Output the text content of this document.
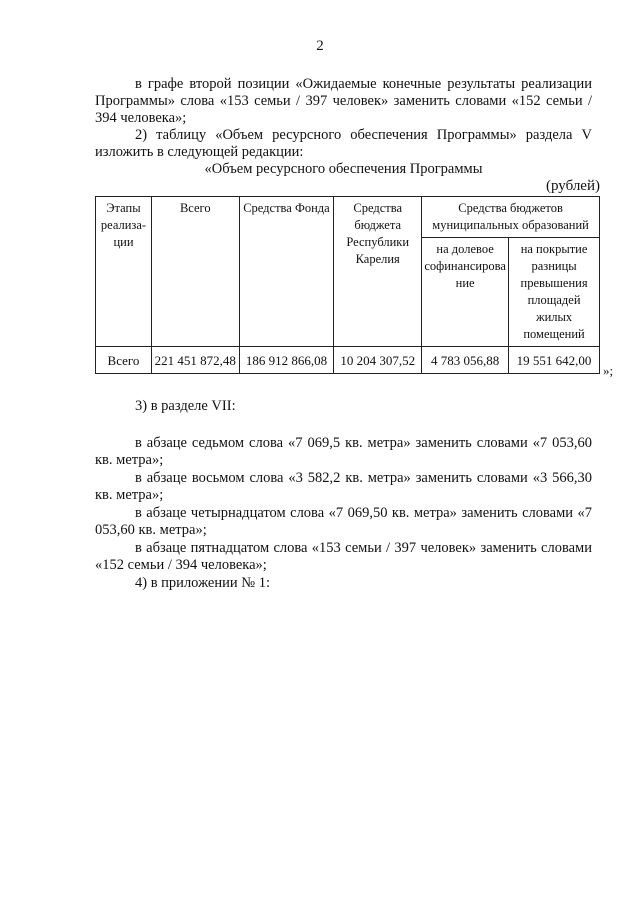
2

в графе второй позиции «Ожидаемые конечные результаты реализации Программы» слова «153 семьи / 397 человек» заменить словами «152 семьи / 394 человека»;

2) таблицу «Объем ресурсного обеспечения Программы» раздела V изложить в следующей редакции:

«Объем ресурсного обеспечения Программы

(рублей)
Этапы реализа-ции	Всего	Средства Фонда	Средства бюджета Республики Карелия	Средства бюджетов муниципальных образований	
				на долевое софинансирова ние	на покрытие разницы превышения площадей жилых помещений
Всего	221 451 872,48	186 912 866,08	10 204 307,52	4 783 056,88	19 551 642,00
»;

3) в разделе VII:

в абзаце седьмом слова «7 069,5 кв. метра» заменить словами «7 053,60 кв. метра»;

в абзаце восьмом слова «3 582,2 кв. метра» заменить словами «3 566,30 кв. метра»;

в абзаце четырнадцатом слова «7 069,50 кв. метра» заменить словами «7 053,60 кв. метра»;

в абзаце пятнадцатом слова «153 семьи / 397 человек» заменить словами «152 семьи / 394 человека»;

4) в приложении № 1:
